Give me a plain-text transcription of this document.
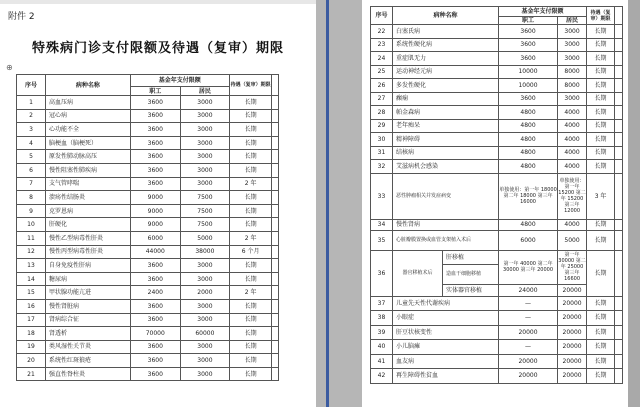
附件 2
特殊病门诊支付限额及待遇（复审）期限
⊕
序号	病种名称	基金年支付限额		待遇（复审）期限	
		职工	居民		
1	高血压病	3600	3000	长期	
2	冠心病	3600	3000	长期	
3	心功能不全	3600	3000	长期	
4	脑梗血（脑梗死）	3600	3000	长期	
5	原发性肺动脉高压	3600	3000	长期	
6	慢性阻塞性肺疾病	3600	3000	长期	
7	支气管哮喘	3600	3000	2 年	
8	溃疡性结肠炎	9000	7500	长期	
9	克罗恩病	9000	7500	长期	
10	肝硬化	9000	7500	长期	
11	慢性乙型病毒性肝炎	6000	5000	2 年	
12	慢性丙型病毒性肝炎	44000	38000	6 个月	
13	自身免疫性肝病	3600	3000	长期	
14	糖尿病	3600	3000	长期	
15	甲状腺功能亢进	2400	2000	2 年	
16	慢性肾脏病	3600	3000	长期	
17	肾病综合征	3600	3000	长期	
18	肾透析	70000	60000	长期	
19	类风湿性关节炎	3600	3000	长期	
20	系统性红斑狼疮	3600	3000	长期	
21	强直性脊柱炎	3600	3000	长期	
序号	病种名称		基金年支付限额		待遇（复审）期限	
			职工	居民		
22	白塞氏病		3600	3000	长期	
23	系统性硬化病		3600	3000	长期	
24	重症肌无力		3600	3000	长期	
25	运动神经元病		10000	8000	长期	
26	多发性硬化		10000	8000	长期	
27	癫痫		3600	3000	长期	
28	帕金森病		4800	4000	长期	
29	老年痴呆		4800	4000	长期	
30	精神障碍		4800	4000	长期	
31	结核病		4800	4000	长期	
32	艾滋病机会感染		4800	4000	长期	
33	恶性肿瘤相关并发症病变		单独使用：第一年 18000 第二年 18000 第三年 16000	单独使用：第一年 15200 第二年 15200 第三年 12000	3 年	
34	慢性肾病		4800	4000	长期	
35	心脏瓣膜置换或血管支架植入术后		6000	5000	长期	
36	器官移植术后	肝移植	第一年 40000 第二年 30000 第三年 20000	第一年 30000 第二年 25000 第三年 16600	长期	
		造血干细胞移植				
		实体器官移植	24000	20000		
37	儿童先天性代谢疾病		—	20000	长期	
38	小眼症		—	20000	长期	
39	肝豆状核变性		20000	20000	长期	
40	小儿脑瘫		—	20000	长期	
41	血友病		20000	20000	长期	
42	再生障碍性贫血		20000	20000	长期	
